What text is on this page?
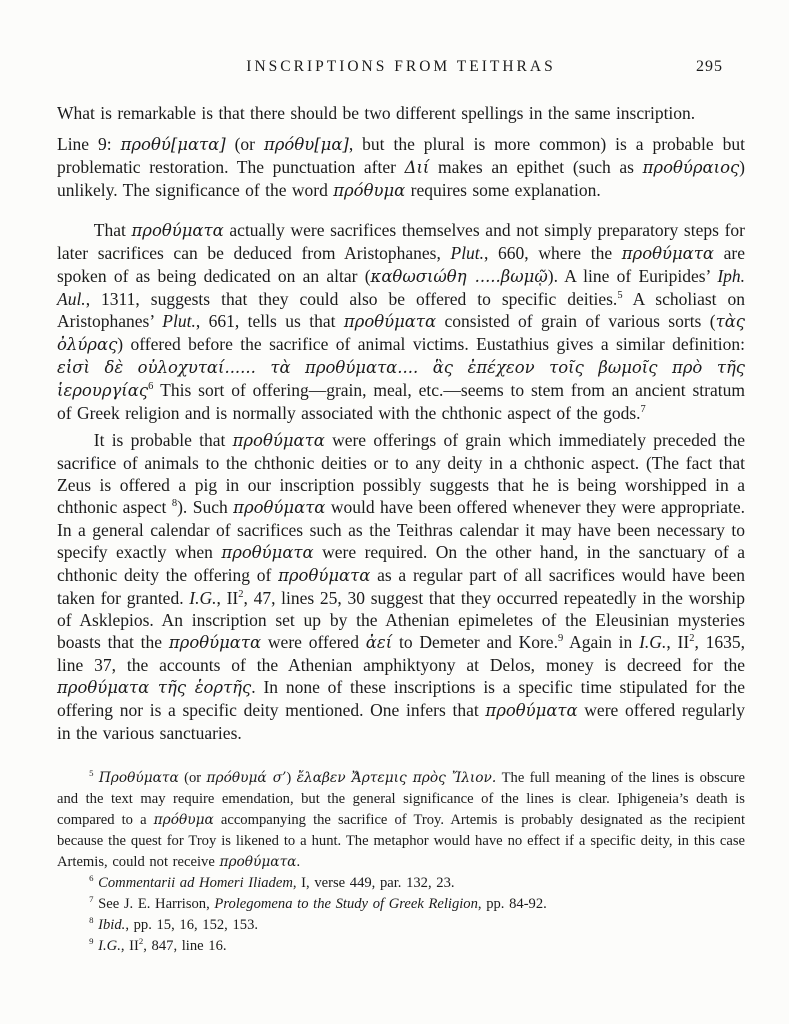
INSCRIPTIONS FROM TEITHRAS	295

What is remarkable is that there should be two different spellings in the same inscription.

Line 9: προθύ[ματα] (or πρόθυ[μα], but the plural is more common) is a probable but problematic restoration. The punctuation after Διί makes an epithet (such as προθύραιος) unlikely. The significance of the word πρόθυμα requires some explanation.

That προθύματα actually were sacrifices themselves and not simply preparatory steps for later sacrifices can be deduced from Aristophanes, Plut., 660, where the προθύματα are spoken of as being dedicated on an altar (καθωσιώθη .....βωμῷ). A line of Euripides’ Iph. Aul., 1311, suggests that they could also be offered to specific deities.$^5$ A scholiast on Aristophanes’ Plut., 661, tells us that προθύματα consisted of grain of various sorts (τὰς ὀλύρας) offered before the sacrifice of animal victims. Eustathius gives a similar definition: εἰσὶ δὲ οὐλοχυταί...... τὰ προθύματα.... ἃς ἐπέχεον τοῖς βωμοῖς πρὸ τῆς ἱερουργίας$^6$ This sort of offering—grain, meal, etc.—seems to stem from an ancient stratum of Greek religion and is normally associated with the chthonic aspect of the gods.$^7$

It is probable that προθύματα were offerings of grain which immediately preceded the sacrifice of animals to the chthonic deities or to any deity in a chthonic aspect. (The fact that Zeus is offered a pig in our inscription possibly suggests that he is being worshipped in a chthonic aspect $^8$). Such προθύματα would have been offered whenever they were appropriate. In a general calendar of sacrifices such as the Teithras calendar it may have been necessary to specify exactly when προθύματα were required. On the other hand, in the sanctuary of a chthonic deity the offering of προθύματα as a regular part of all sacrifices would have been taken for granted. I.G., $II^2$, 47, lines 25, 30 suggest that they occurred repeatedly in the worship of Asklepios. An inscription set up by the Athenian epimeletes of the Eleusinian mysteries boasts that the προθύματα were offered ἀεί to Demeter and Kore.$^9$ Again in I.G., $II^2$, 1635, line 37, the accounts of the Athenian amphiktyony at Delos, money is decreed for the προθύματα τῆς ἑορτῆς. In none of these inscriptions is a specific time stipulated for the offering nor is a specific deity mentioned. One infers that προθύματα were offered regularly in the various sanctuaries.

$^5$ Προθύματα (or πρόθυμά σ’) ἔλαβεν Ἄρτεμις πρὸς Ἴλιον. The full meaning of the lines is obscure and the text may require emendation, but the general significance of the lines is clear. Iphigeneia’s death is compared to a πρόθυμα accompanying the sacrifice of Troy. Artemis is probably designated as the recipient because the quest for Troy is likened to a hunt. The metaphor would have no effect if a specific deity, in this case Artemis, could not receive προθύματα.

$^6$ Commentarii ad Homeri Iliadem, I, verse 449, par. 132, 23.

$^7$ See J. E. Harrison, Prolegomena to the Study of Greek Religion, pp. 84-92.

$^8$ Ibid., pp. 15, 16, 152, 153.

$^9$ I.G., $II^2$, 847, line 16.
